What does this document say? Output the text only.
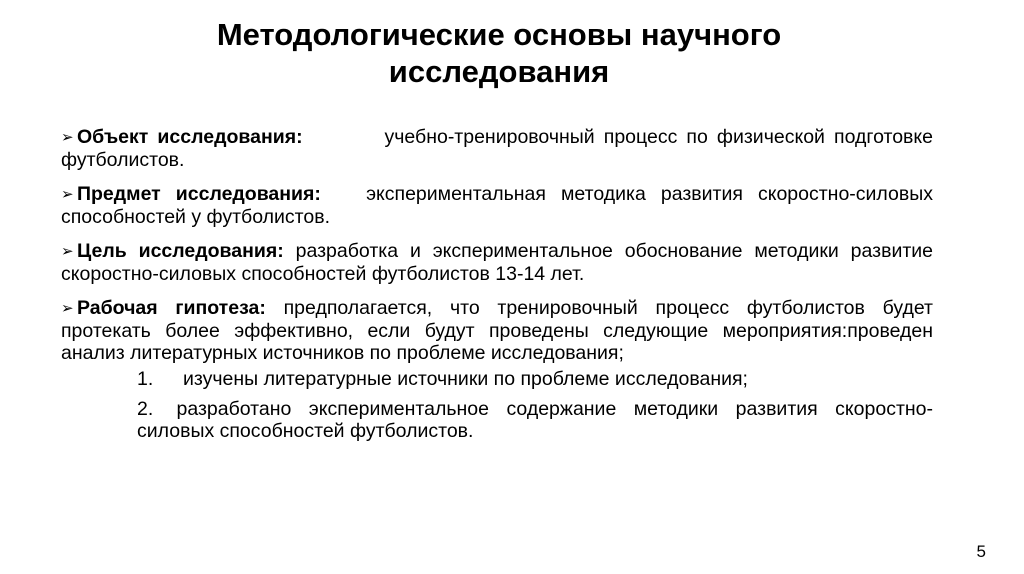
Методологические основы научного
исследования
➢ Объект исследования:	учебно-тренировочный процесс по физической подготовке футболистов.
➢ Предмет исследования: экспериментальная методика развития скоростно-силовых способностей у футболистов.
➢ Цель исследования: разработка и экспериментальное обоснование методики развитие скоростно-силовых способностей футболистов 13-14 лет.
➢ Рабочая гипотеза: предполагается, что тренировочный процесс футболистов будет протекать более эффективно, если будут проведены следующие мероприятия:проведен анализ литературных источников по проблеме исследования;
1. изучены литературные источники по проблеме исследования;
2. разработано экспериментальное содержание методики развития скоростно-силовых способностей футболистов.
5
